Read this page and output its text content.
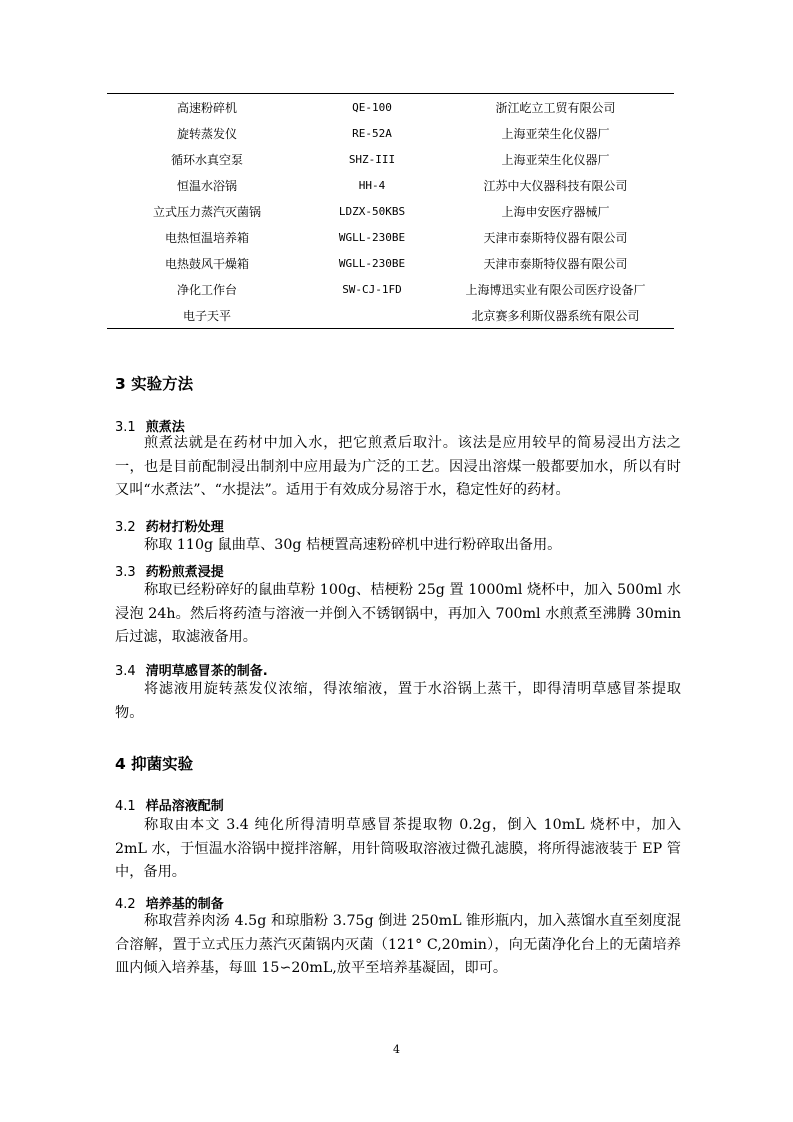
高速粉碎机	QE-100	浙江屹立工贸有限公司
旋转蒸发仪	RE-52A	上海亚荣生化仪器厂
循环水真空泵	SHZ-III	上海亚荣生化仪器厂
恒温水浴锅	HH-4	江苏中大仪器科技有限公司
立式压力蒸汽灭菌锅	LDZX-50KBS	上海申安医疗器械厂
电热恒温培养箱	WGLL-230BE	天津市泰斯特仪器有限公司
电热鼓风干燥箱	WGLL-230BE	天津市泰斯特仪器有限公司
净化工作台	SW-CJ-1FD	上海博迅实业有限公司医疗设备厂
电子天平		北京赛多利斯仪器系统有限公司
3 实验方法
3.1 煎煮法

煎煮法就是在药材中加入水，把它煎煮后取汁。该法是应用较早的简易浸出方法之一，也是目前配制浸出制剂中应用最为广泛的工艺。因浸出溶煤一般都要加水，所以有时又叫“水煮法”、“水提法”。适用于有效成分易溶于水，稳定性好的药材。

3.2 药材打粉处理

称取 110g 鼠曲草、30g 桔梗置高速粉碎机中进行粉碎取出备用。

3.3 药粉煎煮浸提

称取已经粉碎好的鼠曲草粉 100g、桔梗粉 25g 置 1000ml 烧杯中，加入 500ml 水浸泡 24h。然后将药渣与溶液一并倒入不锈钢锅中，再加入 700ml 水煎煮至沸腾 30min 后过滤，取滤液备用。

3.4 清明草感冒茶的制备.

将滤液用旋转蒸发仪浓缩，得浓缩液，置于水浴锅上蒸干，即得清明草感冒茶提取物。

4 抑菌实验
4.1 样品溶液配制

称取由本文 3.4 纯化所得清明草感冒茶提取物 0.2g，倒入 10mL 烧杯中，加入 2mL 水，于恒温水浴锅中搅拌溶解，用针筒吸取溶液过微孔滤膜，将所得滤液装于 EP 管中，备用。

4.2 培养基的制备

称取营养肉汤 4.5g 和琼脂粉 3.75g 倒进 250mL 锥形瓶内，加入蒸馏水直至刻度混合溶解，置于立式压力蒸汽灭菌锅内灭菌（121° C,20min），向无菌净化台上的无菌培养皿内倾入培养基，每皿 15∽20mL,放平至培养基凝固，即可。

4
